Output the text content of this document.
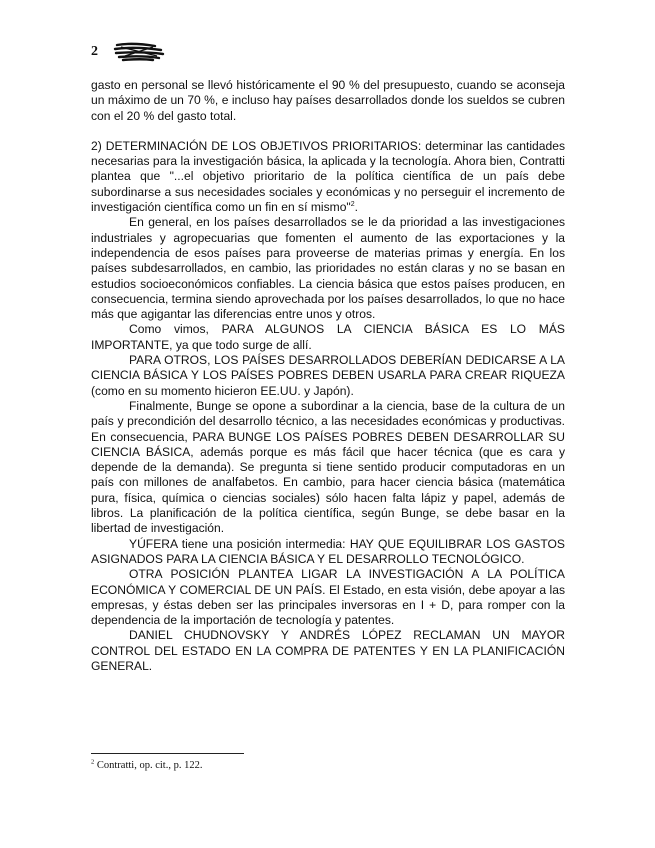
2

gasto en personal se llevó históricamente el 90 % del presupuesto, cuando se aconseja un máximo de un 70 %, e incluso hay países desarrollados donde los sueldos se cubren con el 20 % del gasto total.

2) DETERMINACIÓN DE LOS OBJETIVOS PRIORITARIOS: determinar las cantidades necesarias para la investigación básica, la aplicada y la tecnología. Ahora bien, Contratti plantea que "...el objetivo prioritario de la política científica de un país debe subordinarse a sus necesidades sociales y económicas y no perseguir el incremento de investigación científica como un fin en sí mismo"$^2$.

En general, en los países desarrollados se le da prioridad a las investigaciones industriales y agropecuarias que fomenten el aumento de las exportaciones y la independencia de esos países para proveerse de materias primas y energía. En los países subdesarrollados, en cambio, las prioridades no están claras y no se basan en estudios socioeconómicos confiables. La ciencia básica que estos países producen, en consecuencia, termina siendo aprovechada por los países desarrollados, lo que no hace más que agigantar las diferencias entre unos y otros.

Como vimos, PARA ALGUNOS LA CIENCIA BÁSICA ES LO MÁS IMPORTANTE, ya que todo surge de allí.

PARA OTROS, LOS PAÍSES DESARROLLADOS DEBERÍAN DEDICARSE A LA CIENCIA BÁSICA Y LOS PAÍSES POBRES DEBEN USARLA PARA CREAR RIQUEZA (como en su momento hicieron EE.UU. y Japón).

Finalmente, Bunge se opone a subordinar a la ciencia, base de la cultura de un país y precondición del desarrollo técnico, a las necesidades económicas y productivas. En consecuencia, PARA BUNGE LOS PAÍSES POBRES DEBEN DESARROLLAR SU CIENCIA BÁSICA, además porque es más fácil que hacer técnica (que es cara y depende de la demanda). Se pregunta si tiene sentido producir computadoras en un país con millones de analfabetos. En cambio, para hacer ciencia básica (matemática pura, física, química o ciencias sociales) sólo hacen falta lápiz y papel, además de libros. La planificación de la política científica, según Bunge, se debe basar en la libertad de investigación.

YÚFERA tiene una posición intermedia: HAY QUE EQUILIBRAR LOS GASTOS ASIGNADOS PARA LA CIENCIA BÁSICA Y EL DESARROLLO TECNOLÓGICO.

OTRA POSICIÓN PLANTEA LIGAR LA INVESTIGACIÓN A LA POLÍTICA ECONÓMICA Y COMERCIAL DE UN PAÍS. El Estado, en esta visión, debe apoyar a las empresas, y éstas deben ser las principales inversoras en I + D, para romper con la dependencia de la importación de tecnología y patentes.

DANIEL CHUDNOVSKY Y ANDRÉS LÓPEZ RECLAMAN UN MAYOR CONTROL DEL ESTADO EN LA COMPRA DE PATENTES Y EN LA PLANIFICACIÓN GENERAL.

$^2$ Contratti, op. cit., p. 122.
